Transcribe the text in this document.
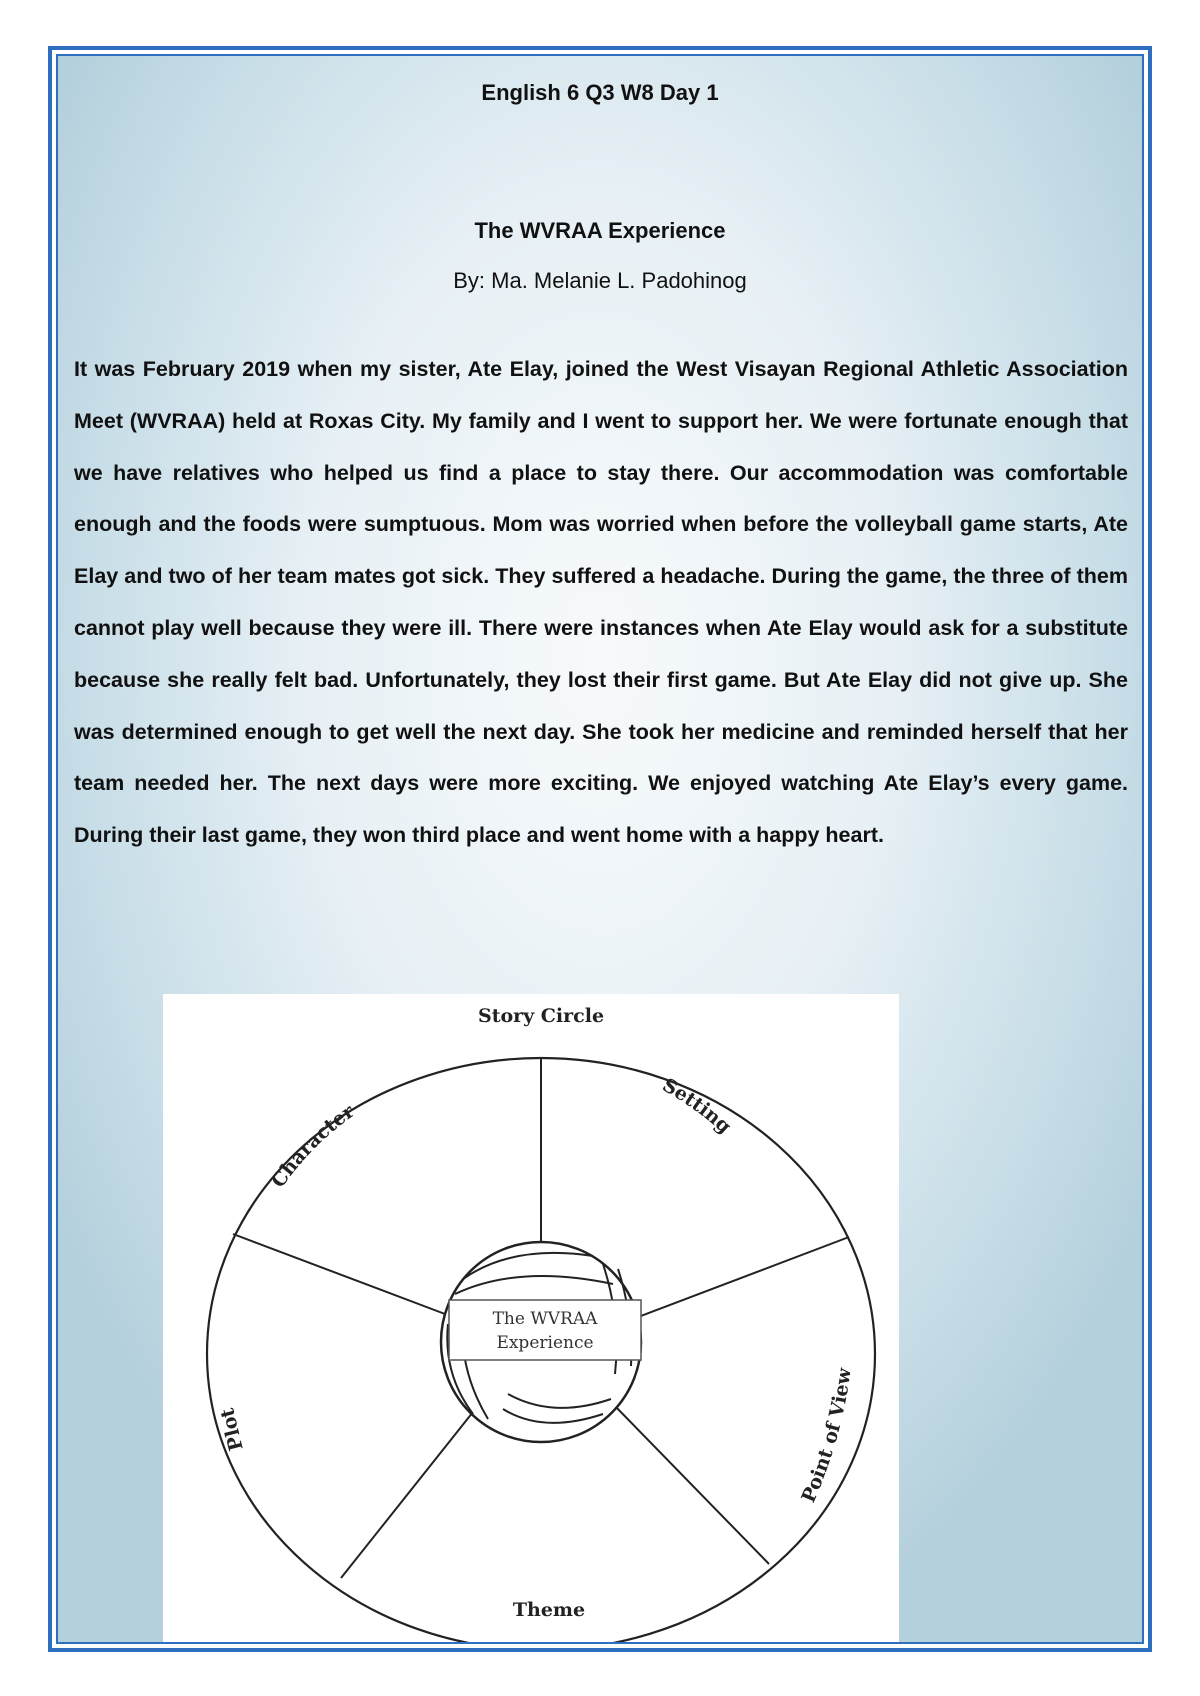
English 6 Q3 W8 Day 1
The WVRAA Experience
By: Ma. Melanie L. Padohinog

It was February 2019 when my sister, Ate Elay, joined the West Visayan Regional Athletic Association Meet (WVRAA) held at Roxas City. My family and I went to support her. We were fortunate enough that we have relatives who helped us find a place to stay there. Our accommodation was comfortable enough and the foods were sumptuous. Mom was worried when before the volleyball game starts, Ate Elay and two of her team mates got sick. They suffered a headache. During the game, the three of them cannot play well because they were ill. There were instances when Ate Elay would ask for a substitute because she really felt bad. Unfortunately, they lost their first game. But Ate Elay did not give up. She was determined enough to get well the next day. She took her medicine and reminded herself that her team needed her. The next days were more exciting. We enjoyed watching Ate Elay’s every game. During their last game, they won third place and went home with a happy heart.

Story Circle
The WVRAA
Experience
Character
Setting
Point of View
Plot
Theme
